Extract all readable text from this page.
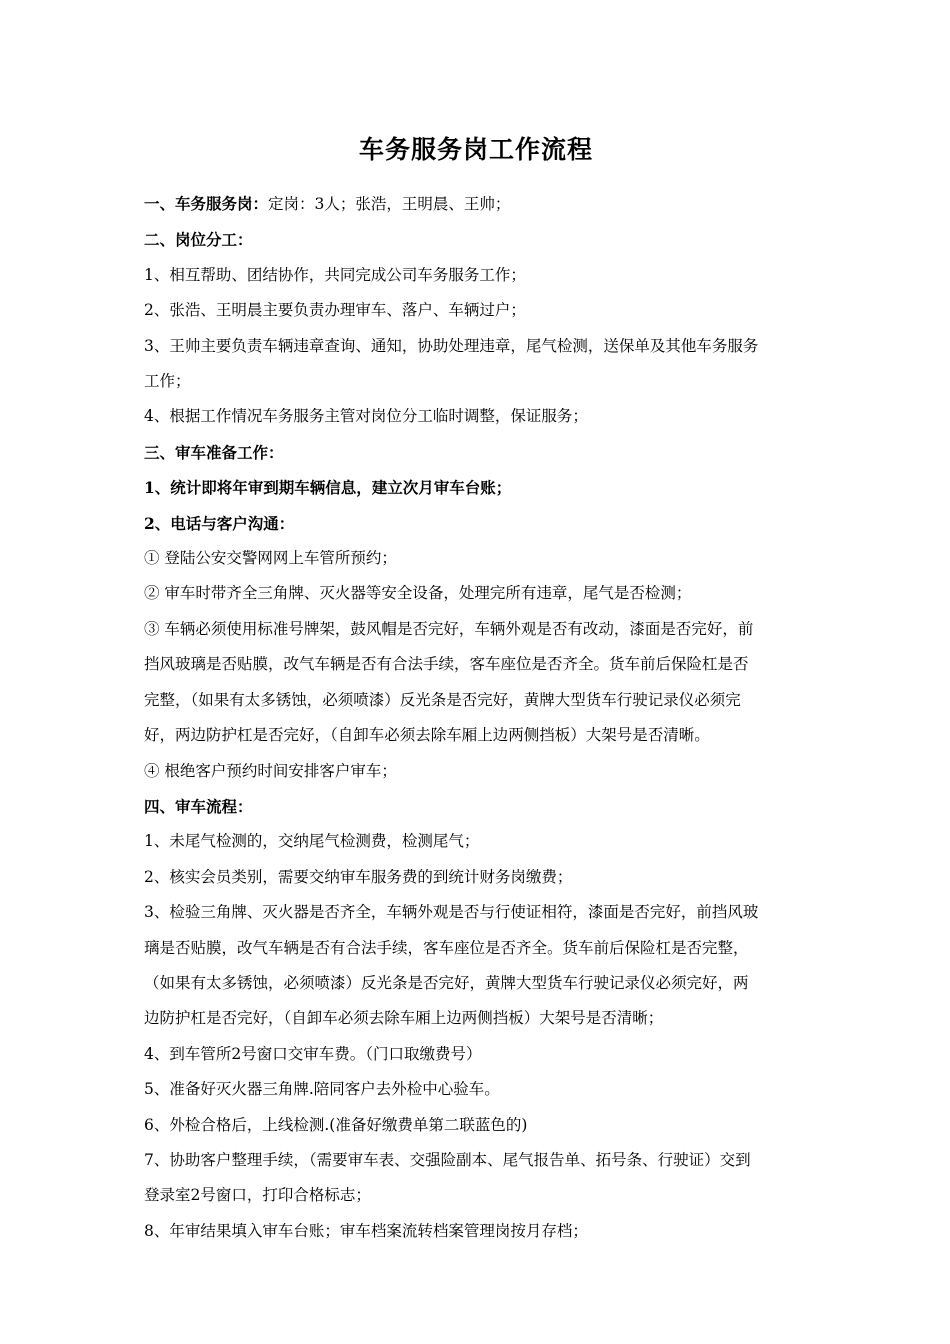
车务服务岗工作流程
一、车务服务岗：定岗：3人；张浩，王明晨、王帅；
二、岗位分工：
1、相互帮助、团结协作，共同完成公司车务服务工作；
2、张浩、王明晨主要负责办理审车、落户、车辆过户；
3、王帅主要负责车辆违章查询、通知，协助处理违章，尾气检测，送保单及其他车务服务
工作；
4、根据工作情况车务服务主管对岗位分工临时调整，保证服务；
三、审车准备工作：
1、统计即将年审到期车辆信息，建立次月审车台账；
2、电话与客户沟通：
① 登陆公安交警网网上车管所预约；
② 审车时带齐全三角牌、灭火器等安全设备，处理完所有违章，尾气是否检测；
③ 车辆必须使用标准号牌架，鼓风帽是否完好，车辆外观是否有改动，漆面是否完好，前
挡风玻璃是否贴膜，改气车辆是否有合法手续，客车座位是否齐全。货车前后保险杠是否
完整，（如果有太多锈蚀，必须喷漆）反光条是否完好，黄牌大型货车行驶记录仪必须完
好，两边防护杠是否完好，（自卸车必须去除车厢上边两侧挡板）大架号是否清晰。
④ 根绝客户预约时间安排客户审车；
四、审车流程：
1、未尾气检测的，交纳尾气检测费，检测尾气；
2、核实会员类别，需要交纳审车服务费的到统计财务岗缴费；
3、检验三角牌、灭火器是否齐全，车辆外观是否与行使证相符，漆面是否完好，前挡风玻
璃是否贴膜，改气车辆是否有合法手续，客车座位是否齐全。货车前后保险杠是否完整，
（如果有太多锈蚀，必须喷漆）反光条是否完好，黄牌大型货车行驶记录仪必须完好，两
边防护杠是否完好，（自卸车必须去除车厢上边两侧挡板）大架号是否清晰；
4、到车管所2号窗口交审车费。（门口取缴费号）
5、准备好灭火器三角牌.陪同客户去外检中心验车。
6、外检合格后，上线检测.(准备好缴费单第二联蓝色的)
7、协助客户整理手续，（需要审车表、交强险副本、尾气报告单、拓号条、行驶证）交到
登录室2号窗口，打印合格标志；
8、年审结果填入审车台账；审车档案流转档案管理岗按月存档；
